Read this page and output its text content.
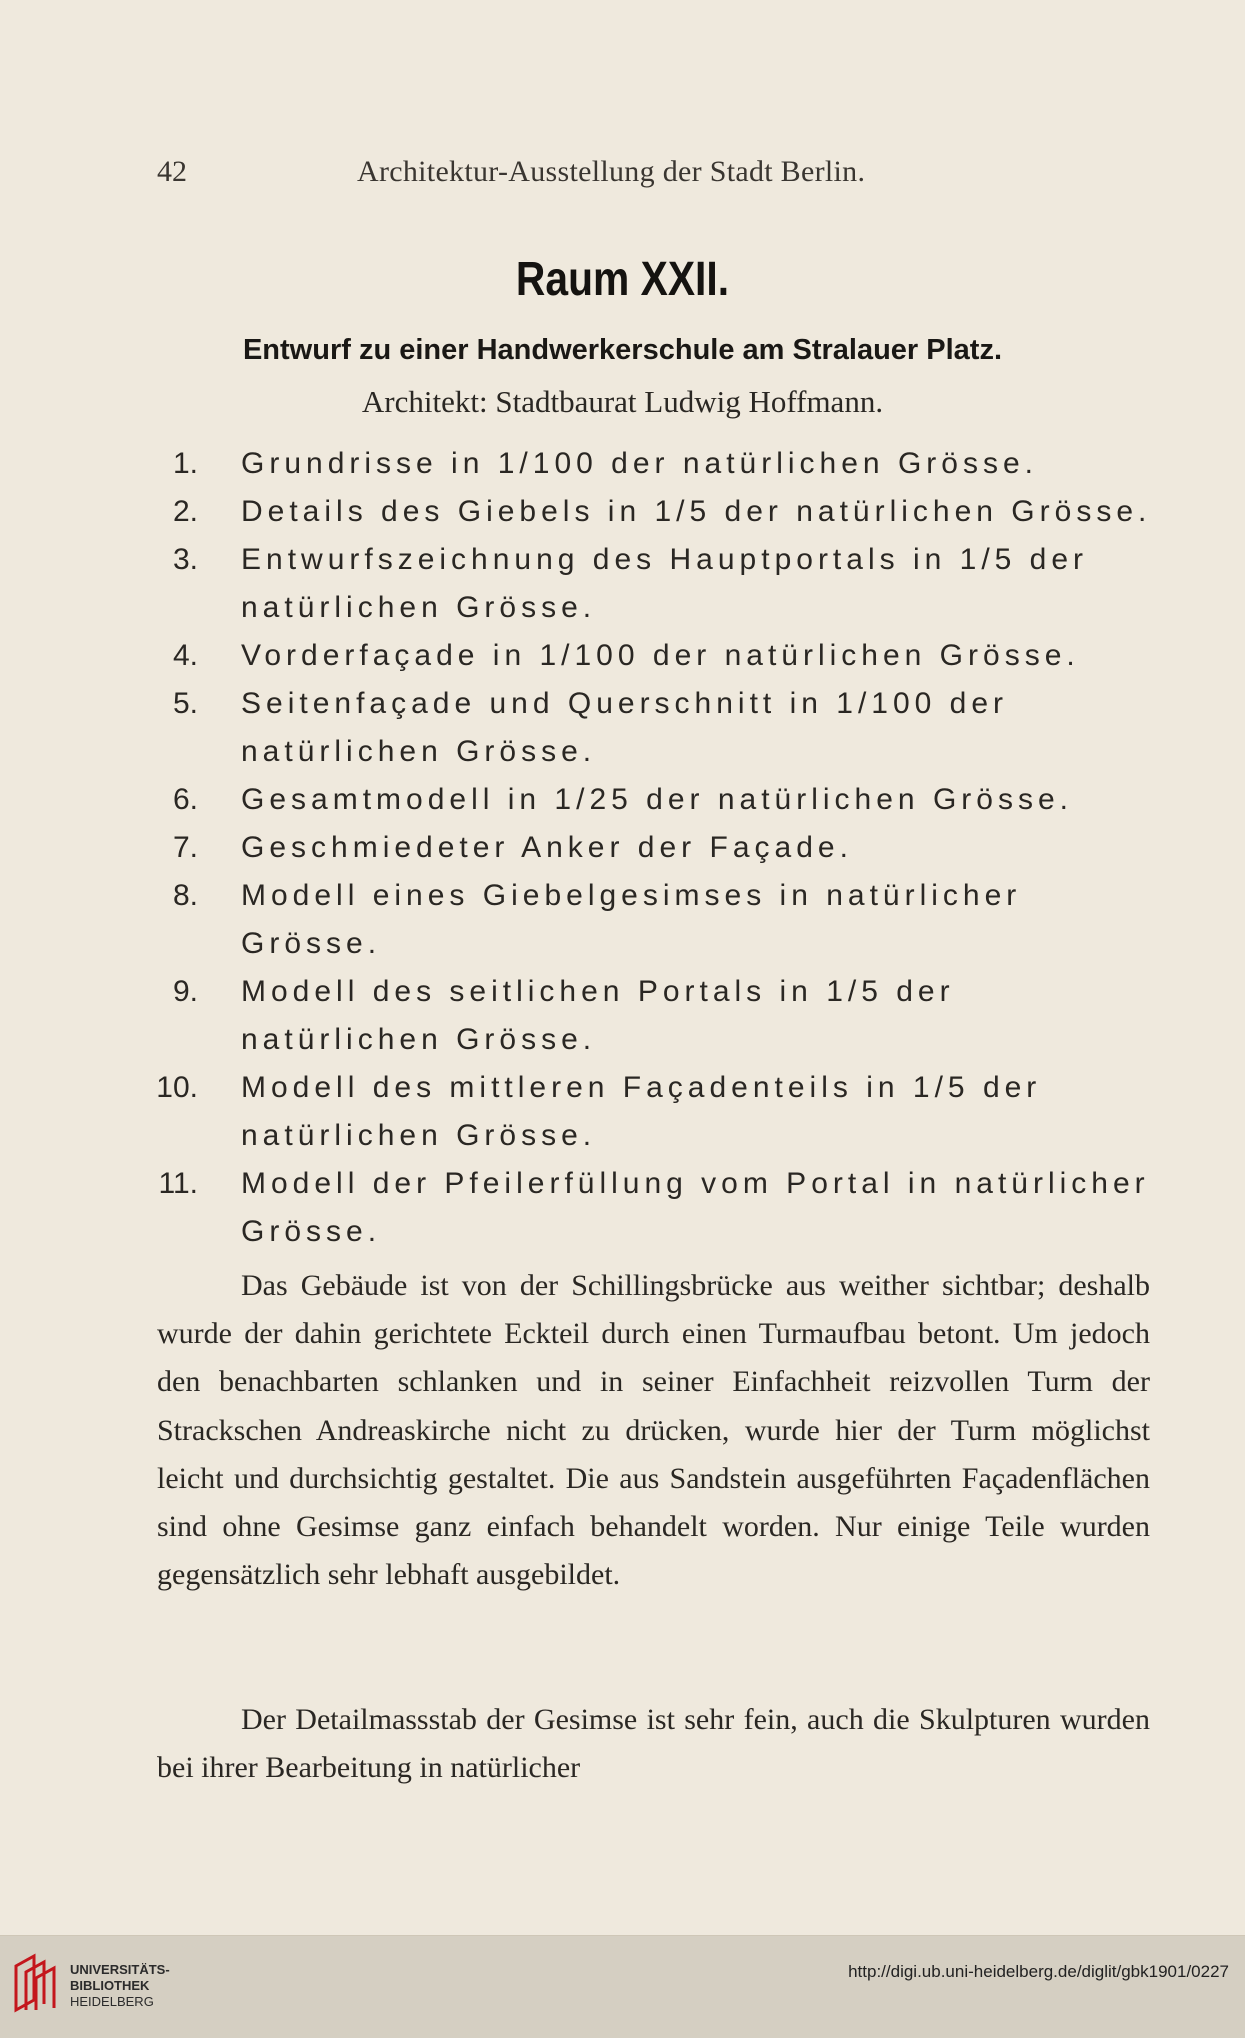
42	Architektur-Ausstellung der Stadt Berlin.
Raum XXII.
Entwurf zu einer Handwerkerschule am Stralauer Platz.
Architekt: Stadtbaurat Ludwig Hoffmann.
1. Grundrisse in 1/100 der natürlichen Grösse.
2. Details des Giebels in 1/5 der natürlichen Grösse.
3. Entwurfszeichnung des Hauptportals in 1/5 der natürlichen Grösse.
4. Vorderfaçade in 1/100 der natürlichen Grösse.
5. Seitenfaçade und Querschnitt in 1/100 der natürlichen Grösse.
6. Gesamtmodell in 1/25 der natürlichen Grösse.
7. Geschmiedeter Anker der Façade.
8. Modell eines Giebelgesimses in natürlicher Grösse.
9. Modell des seitlichen Portals in 1/5 der natürlichen Grösse.
10. Modell des mittleren Façadenteils in 1/5 der natürlichen Grösse.
11. Modell der Pfeilerfüllung vom Portal in natürlicher Grösse.

Das Gebäude ist von der Schillingsbrücke aus weither sichtbar; deshalb wurde der dahin gerichtete Eckteil durch einen Turmaufbau betont. Um jedoch den benachbarten schlanken und in seiner Einfachheit reizvollen Turm der Strackschen Andreaskirche nicht zu drücken, wurde hier der Turm möglichst leicht und durchsichtig gestaltet. Die aus Sandstein ausgeführten Façadenflächen sind ohne Gesimse ganz einfach behandelt worden. Nur einige Teile wurden gegensätzlich sehr lebhaft ausgebildet.

Der Detailmassstab der Gesimse ist sehr fein, auch die Skulpturen wurden bei ihrer Bearbeitung in natürlicher

UNIVERSITÄTS-
BIBLIOTHEK
HEIDELBERG
http://digi.ub.uni-heidelberg.de/diglit/gbk1901/0227
